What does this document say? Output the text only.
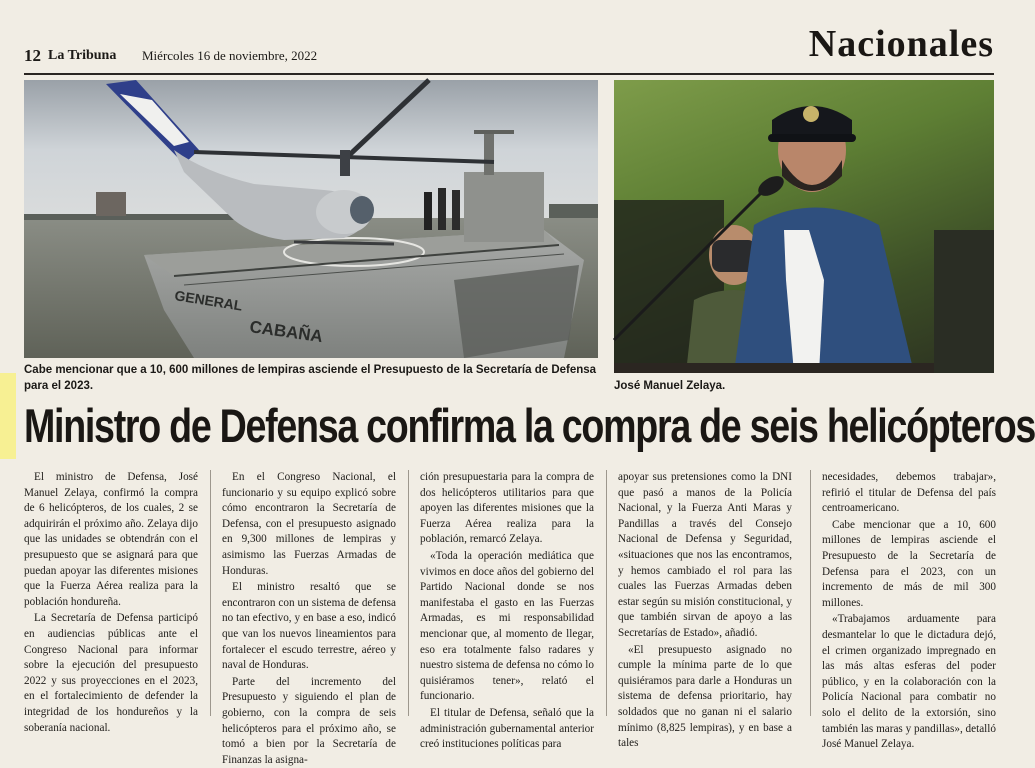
12 La Tribuna Miércoles 16 de noviembre, 2022	Nacionales
GENERAL
CABAÑA
Cabe mencionar que a 10, 600 millones de lempiras asciende el Presupuesto de la Secretaría de Defensa para el 2023.	José Manuel Zelaya.
Ministro de Defensa confirma la compra de seis helicópteros

El ministro de Defensa, José Manuel Zelaya, confirmó la compra de 6 helicópteros, de los cuales, 2 se adquirirán el próximo año. Zelaya dijo que las unidades se obtendrán con el presupuesto que se asignará para que puedan apoyar las diferentes misiones que la Fuerza Aérea realiza para la población hondureña.

La Secretaría de Defensa participó en audiencias públicas ante el Congreso Nacional para informar sobre la ejecución del presupuesto 2022 y sus proyecciones en el 2023, en el fortalecimiento de defender la integridad de los hondureños y la soberanía nacional.

En el Congreso Nacional, el funcionario y su equipo explicó sobre cómo encontraron la Secretaría de Defensa, con el presupuesto asignado en 9,300 millones de lempiras y asimismo las Fuerzas Armadas de Honduras.

El ministro resaltó que se encontraron con un sistema de defensa no tan efectivo, y en base a eso, indicó que van los nuevos lineamientos para fortalecer el escudo terrestre, aéreo y naval de Honduras.

Parte del incremento del Presupuesto y siguiendo el plan de gobierno, con la compra de seis helicópteros para el próximo año, se tomó a bien por la Secretaría de Finanzas la asigna-

ción presupuestaria para la compra de dos helicópteros utilitarios para que apoyen las diferentes misiones que la Fuerza Aérea realiza para la población, remarcó Zelaya.

«Toda la operación mediática que vivimos en doce años del gobierno del Partido Nacional donde se nos manifestaba el gasto en las Fuerzas Armadas, es mi responsabilidad mencionar que, al momento de llegar, eso era totalmente falso radares y nuestro sistema de defensa no cómo lo quisiéramos tener», relató el funcionario.

El titular de Defensa, señaló que la administración gubernamental anterior creó instituciones políticas para

apoyar sus pretensiones como la DNI que pasó a manos de la Policía Nacional, y la Fuerza Anti Maras y Pandillas a través del Consejo Nacional de Defensa y Seguridad, «situaciones que nos las encontramos, y hemos cambiado el rol para las cuales las Fuerzas Armadas deben estar según su misión constitucional, y que también sirvan de apoyo a las Secretarías de Estado», añadió.

«El presupuesto asignado no cumple la mínima parte de lo que quisiéramos para darle a Honduras un sistema de defensa prioritario, hay soldados que no ganan ni el salario mínimo (8,825 lempiras), y en base a tales

necesidades, debemos trabajar», refirió el titular de Defensa del país centroamericano.

Cabe mencionar que a 10, 600 millones de lempiras asciende el Presupuesto de la Secretaría de Defensa para el 2023, con un incremento de más de mil 300 millones.

«Trabajamos arduamente para desmantelar lo que le dictadura dejó, el crimen organizado impregnado en las más altas esferas del poder público, y en la colaboración con la Policía Nacional para combatir no solo el delito de la extorsión, sino también las maras y pandillas», detalló José Manuel Zelaya.
